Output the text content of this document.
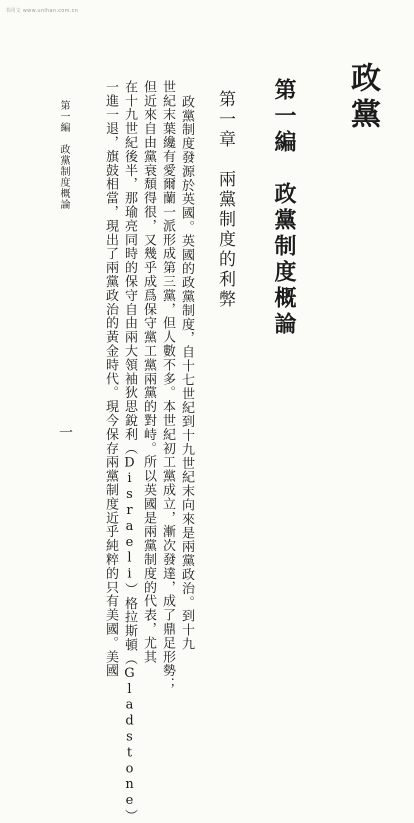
书同文 www.unihan.com.cn
政黨
第一編　政黨制度概論
第一章　兩黨制度的利弊
政黨制度發源於英國。英國的政黨制度，自十七世紀到十九世紀末向來是兩黨政治。到十九
世紀末葉纔有愛爾蘭一派形成第三黨，但人數不多。本世紀初工黨成立，漸次發達，成了鼎足形勢；
但近來自由黨衰頹得很，又幾乎成爲保守黨工黨兩黨的對峙。所以英國是兩黨制度的代表，尤其
在十九世紀後半，那瑜亮同時的保守自由兩大領袖狄思銳利（Disraeli）格拉斯頓（Gladstone）
一進一退，旗鼓相當，現出了兩黨政治的黃金時代。現今保存兩黨制度近乎純粹的只有美國。美國
第一編　政黨制度概論
一
